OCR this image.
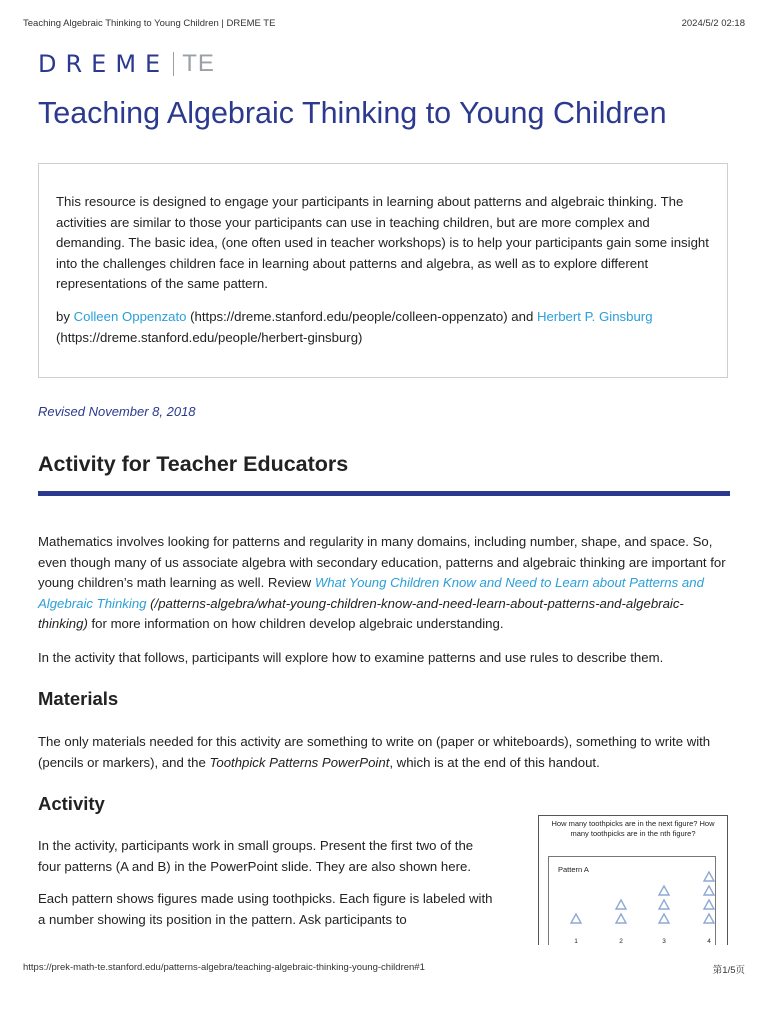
Teaching Algebraic Thinking to Young Children | DREME TE	2024/5/2 02:18
DREME TE
Teaching Algebraic Thinking to Young Children

This resource is designed to engage your participants in learning about patterns and algebraic thinking. The activities are similar to those your participants can use in teaching children, but are more complex and demanding. The basic idea, (one often used in teacher workshops) is to help your participants gain some insight into the challenges children face in learning about patterns and algebra, as well as to explore different representations of the same pattern.

by Colleen Oppenzato (https://dreme.stanford.edu/people/colleen-oppenzato) and Herbert P. Ginsburg
(https://dreme.stanford.edu/people/herbert-ginsburg)

Revised November 8, 2018
Activity for Teacher Educators

Mathematics involves looking for patterns and regularity in many domains, including number, shape, and space. So, even though many of us associate algebra with secondary education, patterns and algebraic thinking are important for young children’s math learning as well. Review What Young Children Know and Need to Learn about Patterns and Algebraic Thinking (/patterns-algebra/what-young-children-know-and-need-learn-about-patterns-and-algebraic-thinking) for more information on how children develop algebraic understanding.

In the activity that follows, participants will explore how to examine patterns and use rules to describe them.

Materials

The only materials needed for this activity are something to write on (paper or whiteboards), something to write with (pencils or markers), and the Toothpick Patterns PowerPoint, which is at the end of this handout.

Activity

In the activity, participants work in small groups. Present the first two of the four patterns (A and B) in the PowerPoint slide. They are also shown here.

Each pattern shows figures made using toothpicks. Each figure is labeled with a number showing its position in the pattern. Ask participants to

How many toothpicks are in the next figure? How many toothpicks are in the nth figure?
Pattern A
1	2	3	4
https://prek-math-te.stanford.edu/patterns-algebra/teaching-algebraic-thinking-young-children#1	第1/5页
